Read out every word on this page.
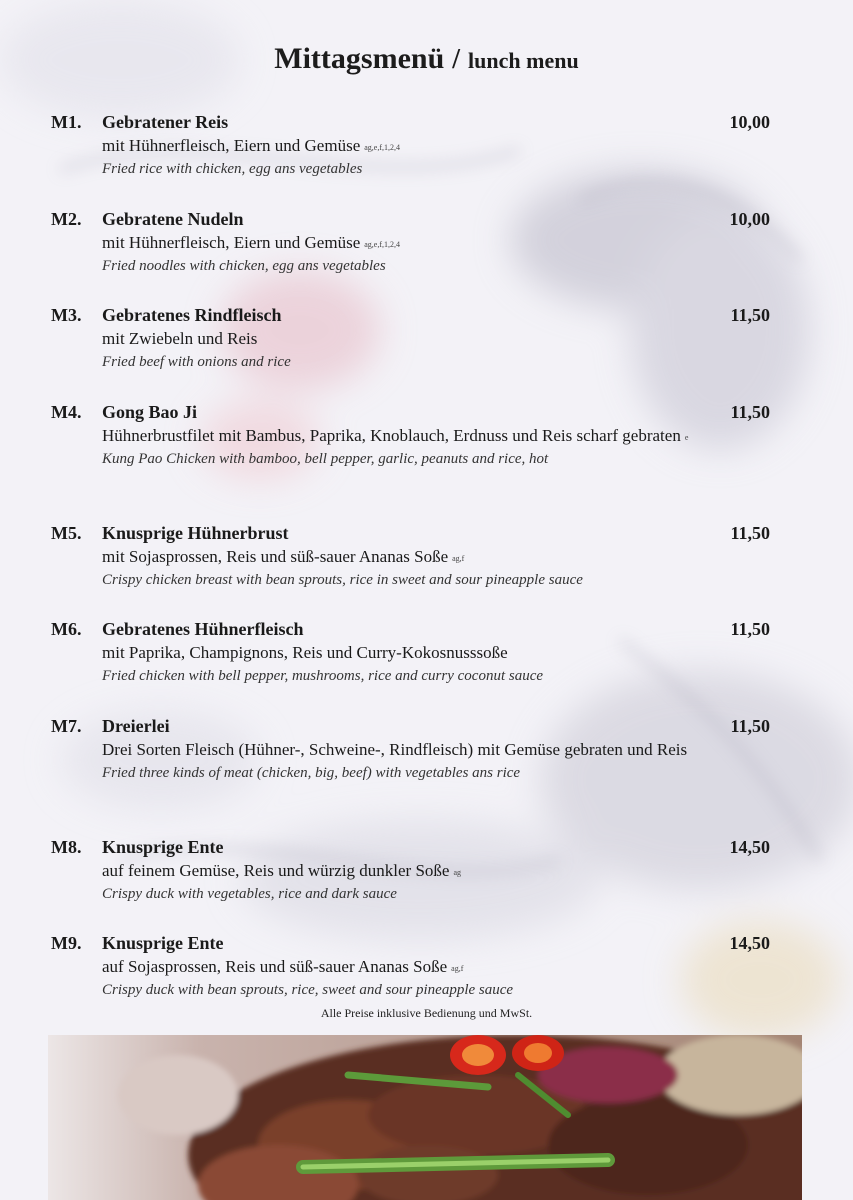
Mittagsmenü / lunch menu
M1. Gebratener Reis
mit Hühnerfleisch, Eiern und Gemüse $^{ag,e,f,1,2,4}$
Fried rice with chicken, egg ans vegetables
10,00
M2. Gebratene Nudeln
mit Hühnerfleisch, Eiern und Gemüse $^{ag,e,f,1,2,4}$
Fried noodles with chicken, egg ans vegetables
10,00
M3. Gebratenes Rindfleisch
mit Zwiebeln und Reis
Fried beef with onions and rice
11,50
M4. Gong Bao Ji
Hühnerbrustfilet mit Bambus, Paprika, Knoblauch, Erdnuss und Reis scharf gebraten $^e$
Kung Pao Chicken with bamboo, bell pepper, garlic, peanuts and rice, hot
11,50
M5. Knusprige Hühnerbrust
mit Sojasprossen, Reis und süß-sauer Ananas Soße $^{ag,f}$
Crispy chicken breast with bean sprouts, rice in sweet and sour pineapple sauce
11,50
M6. Gebratenes Hühnerfleisch
mit Paprika, Champignons, Reis und Curry-Kokosnusssoße
Fried chicken with bell pepper, mushrooms, rice and curry coconut sauce
11,50
M7. Dreierlei
Drei Sorten Fleisch (Hühner-, Schweine-, Rindfleisch) mit Gemüse gebraten und Reis
Fried three kinds of meat (chicken, big, beef) with vegetables ans rice
11,50
M8. Knusprige Ente
auf feinem Gemüse, Reis und würzig dunkler Soße $^{ag}$
Crispy duck with vegetables, rice and dark sauce
14,50
M9. Knusprige Ente
auf Sojasprossen, Reis und süß-sauer Ananas Soße $^{ag,f}$
Crispy duck with bean sprouts, rice, sweet and sour pineapple sauce
14,50
Alle Preise inklusive Bedienung und MwSt.
